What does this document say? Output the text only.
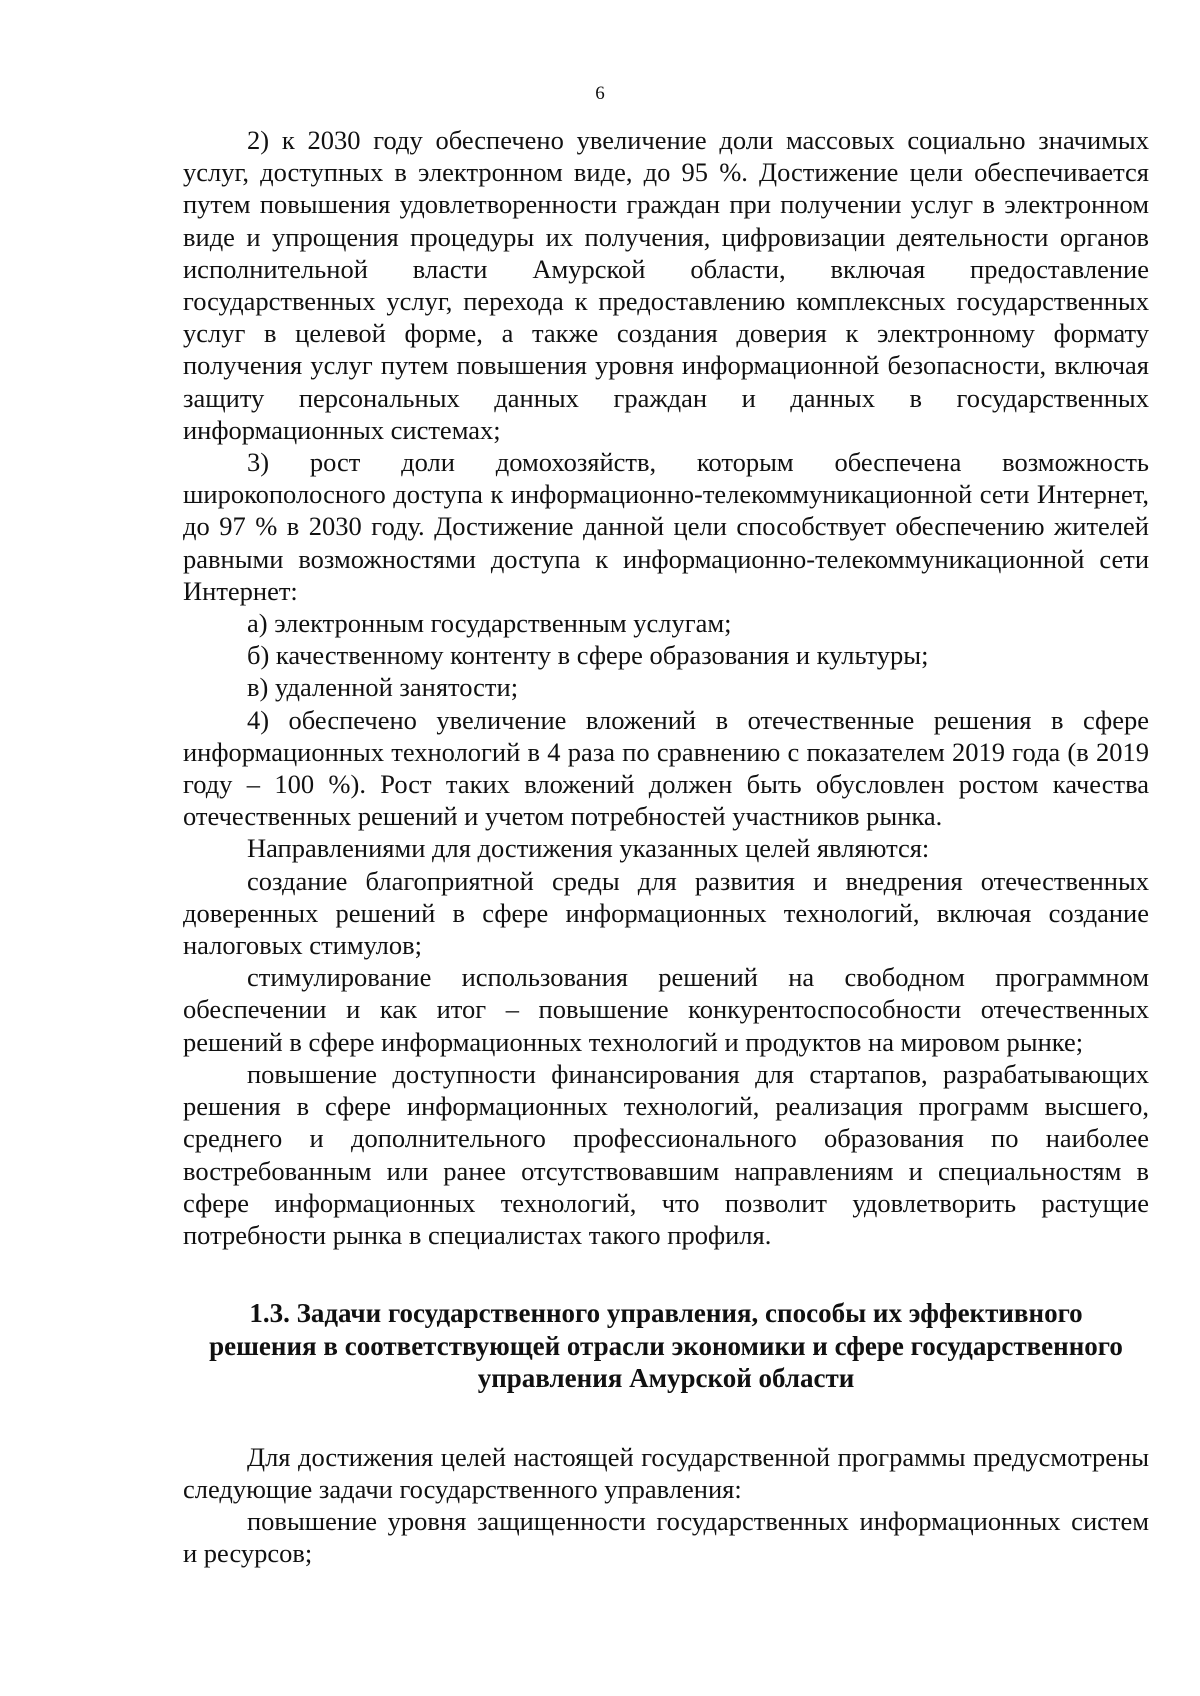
6

2) к 2030 году обеспечено увеличение доли массовых социально значимых услуг, доступных в электронном виде, до 95 %. Достижение цели обеспечивается путем повышения удовлетворенности граждан при получении услуг в электронном виде и упрощения процедуры их получения, цифровизации деятельности органов исполнительной власти Амурской области, включая предоставление государственных услуг, перехода к предоставлению комплексных государственных услуг в целевой форме, а также создания доверия к электронному формату получения услуг путем повышения уровня информационной безопасности, включая защиту персональных данных граждан и данных в государственных информационных системах;

3) рост доли домохозяйств, которым обеспечена возможность широкополосного доступа к информационно-телекоммуникационной сети Интернет, до 97 % в 2030 году. Достижение данной цели способствует обеспечению жителей равными возможностями доступа к информационно-телекоммуникационной сети Интернет:

а) электронным государственным услугам;

б) качественному контенту в сфере образования и культуры;

в) удаленной занятости;

4) обеспечено увеличение вложений в отечественные решения в сфере информационных технологий в 4 раза по сравнению с показателем 2019 года (в 2019 году – 100 %). Рост таких вложений должен быть обусловлен ростом качества отечественных решений и учетом потребностей участников рынка.

Направлениями для достижения указанных целей являются:

создание благоприятной среды для развития и внедрения отечественных доверенных решений в сфере информационных технологий, включая создание налоговых стимулов;

стимулирование использования решений на свободном программном обеспечении и как итог – повышение конкурентоспособности отечественных решений в сфере информационных технологий и продуктов на мировом рынке;

повышение доступности финансирования для стартапов, разрабатывающих решения в сфере информационных технологий, реализация программ высшего, среднего и дополнительного профессионального образования по наиболее востребованным или ранее отсутствовавшим направлениям и специальностям в сфере информационных технологий, что позволит удовлетворить растущие потребности рынка в специалистах такого профиля.

1.3. Задачи государственного управления, способы их эффективного
решения в соответствующей отрасли экономики и сфере государственного
управления Амурской области

Для достижения целей настоящей государственной программы предусмотрены следующие задачи государственного управления:

повышение уровня защищенности государственных информационных систем и ресурсов;
